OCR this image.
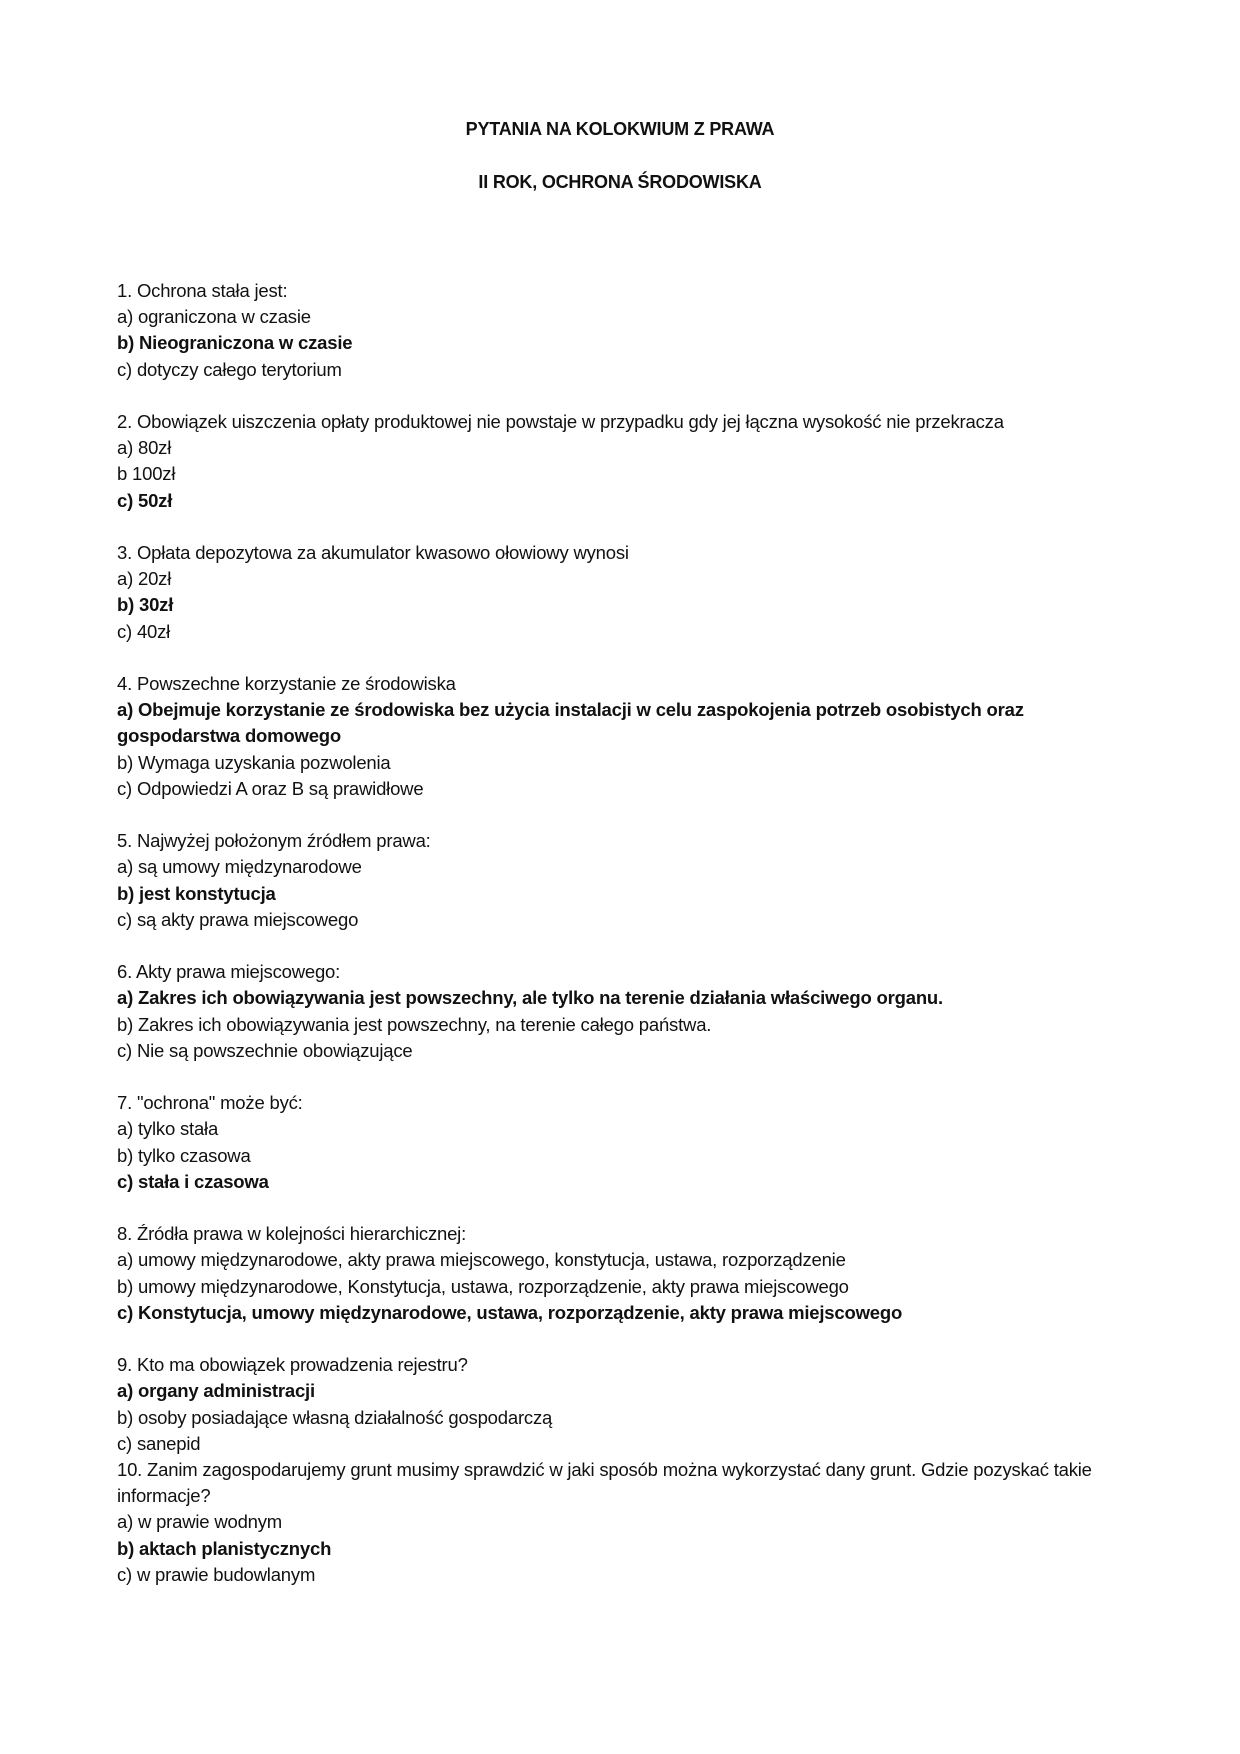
PYTANIA NA KOLOKWIUM Z PRAWA
II ROK, OCHRONA ŚRODOWISKA
1. Ochrona stała jest:
a) ograniczona w czasie
b) Nieograniczona w czasie
c) dotyczy całego terytorium
2. Obowiązek uiszczenia opłaty produktowej nie powstaje w przypadku gdy jej łączna wysokość nie przekracza
a) 80zł
b 100zł
c) 50zł
3. Opłata depozytowa za akumulator kwasowo ołowiowy wynosi
a) 20zł
b) 30zł
c) 40zł
4. Powszechne korzystanie ze środowiska
a) Obejmuje korzystanie ze środowiska bez użycia instalacji w celu zaspokojenia potrzeb osobistych oraz gospodarstwa domowego
b) Wymaga uzyskania pozwolenia
c) Odpowiedzi A oraz B są prawidłowe
5. Najwyżej położonym źródłem prawa:
a) są umowy międzynarodowe
b) jest konstytucja
c) są akty prawa miejscowego
6. Akty prawa miejscowego:
a) Zakres ich obowiązywania jest powszechny, ale tylko na terenie działania właściwego organu.
b) Zakres ich obowiązywania jest powszechny, na terenie całego państwa.
c) Nie są powszechnie obowiązujące
7. "ochrona" może być:
a) tylko stała
b) tylko czasowa
c) stała i czasowa
8. Źródła prawa w kolejności hierarchicznej:
a) umowy międzynarodowe, akty prawa miejscowego, konstytucja, ustawa, rozporządzenie
b) umowy międzynarodowe, Konstytucja, ustawa, rozporządzenie, akty prawa miejscowego
c) Konstytucja, umowy międzynarodowe, ustawa, rozporządzenie, akty prawa miejscowego
9. Kto ma obowiązek prowadzenia rejestru?
a) organy administracji
b) osoby posiadające własną działalność gospodarczą
c) sanepid
10. Zanim zagospodarujemy grunt musimy sprawdzić w jaki sposób można wykorzystać dany grunt. Gdzie pozyskać takie informacje?
a) w prawie wodnym
b) aktach planistycznych
c) w prawie budowlanym
